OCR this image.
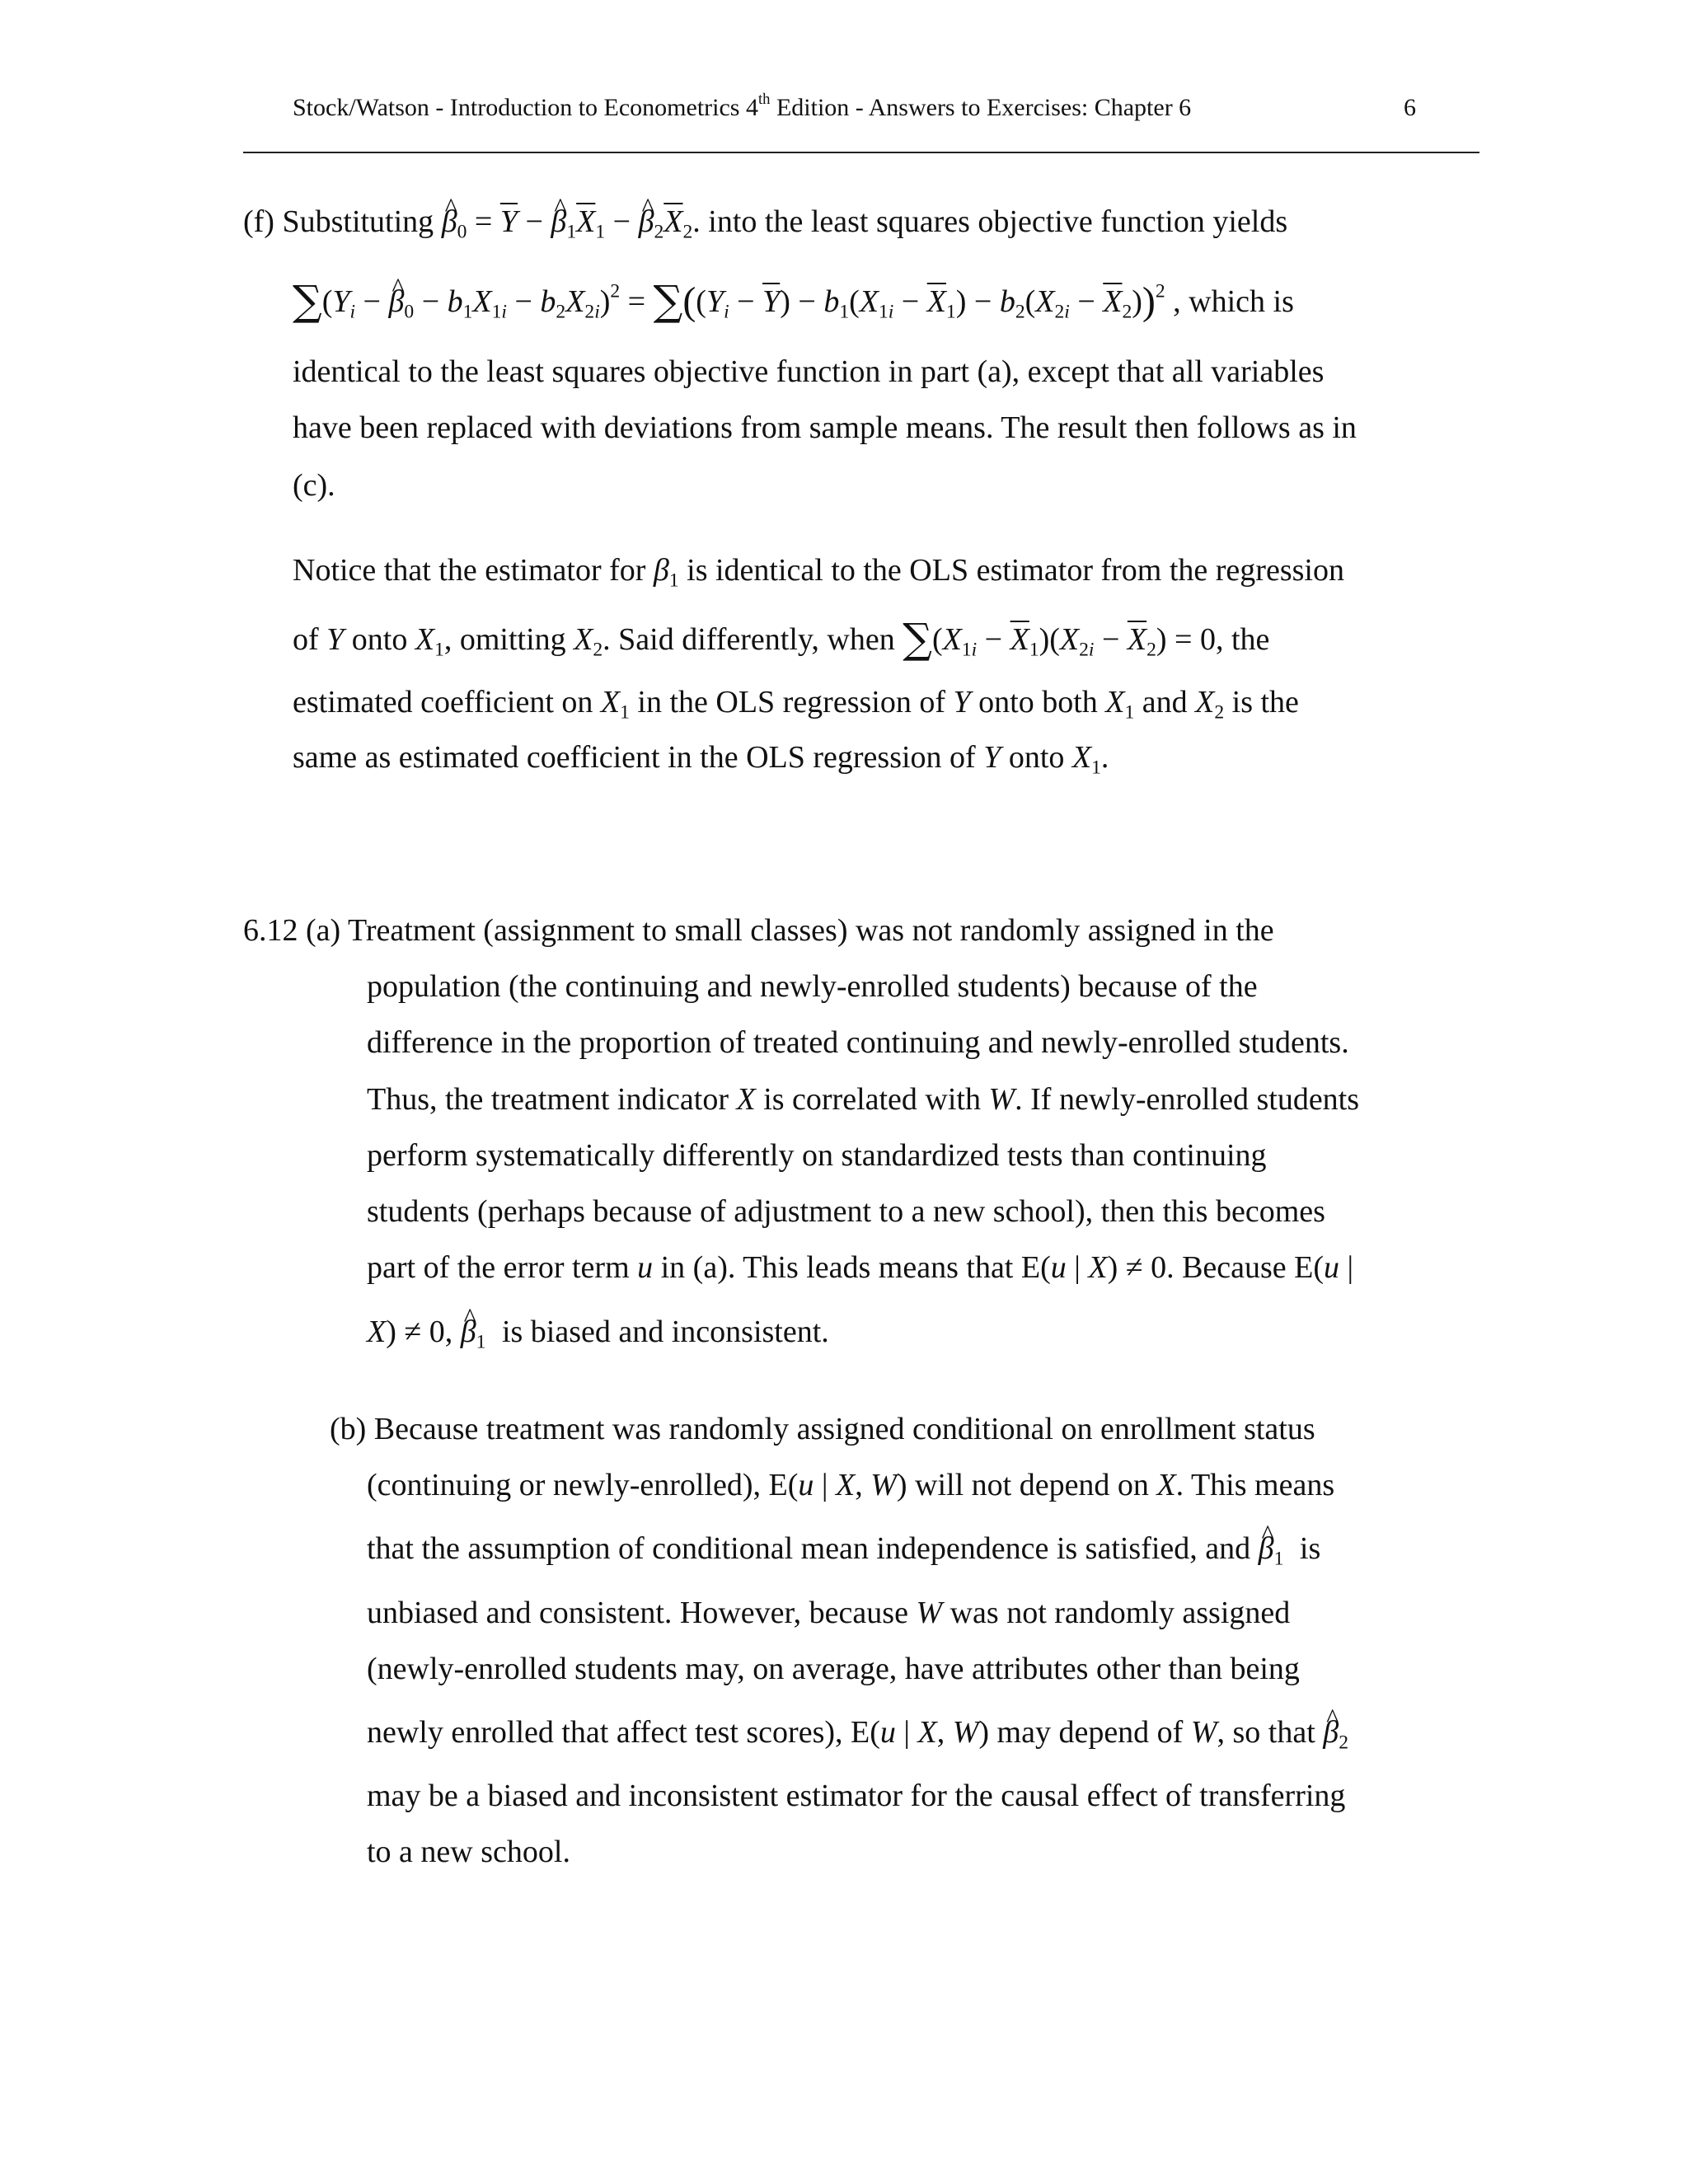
Stock/Watson - Introduction to Econometrics 4th Edition - Answers to Exercises: Chapter 6	6
(f) Substituting ^ $\beta_0 = \overline{Y}$ − ^ $\beta_1\overline{X}_1$ − ^ $\beta_2\overline{X}_2$. into the least squares objective function yields
$\sum(Y_i$ − ^ $\beta_0 - b_1X_{1i} - b_2X_{2i})^2 = \sum((Y_i - \overline{Y}) - b_1(X_{1i} - \overline{X}_1) - b_2(X_{2i} - \overline{X}_2))^2$ , which is
identical to the least squares objective function in part (a), except that all variables
have been replaced with deviations from sample means. The result then follows as in
(c).
Notice that the estimator for $\beta_1$ is identical to the OLS estimator from the regression
of Y onto $X_1$, omitting $X_2$. Said differently, when $\sum(X_{1i} - \overline{X}_1)(X_{2i} - \overline{X}_2) = 0$, the
estimated coefficient on $X_1$ in the OLS regression of Y onto both $X_1$ and $X_2$ is the
same as estimated coefficient in the OLS regression of Y onto $X_1$.
6.12 (a) Treatment (assignment to small classes) was not randomly assigned in the
population (the continuing and newly-enrolled students) because of the
difference in the proportion of treated continuing and newly-enrolled students.
Thus, the treatment indicator X is correlated with W. If newly-enrolled students
perform systematically differently on standardized tests than continuing
students (perhaps because of adjustment to a new school), then this becomes
part of the error term u in (a). This leads means that E(u | X) ≠ 0. Because E(u |
X) ≠ 0, ^ $\beta_1$ is biased and inconsistent.
(b) Because treatment was randomly assigned conditional on enrollment status
(continuing or newly-enrolled), E(u | X, W) will not depend on X. This means
that the assumption of conditional mean independence is satisfied, and ^ $\beta_1$ is
unbiased and consistent. However, because W was not randomly assigned
(newly-enrolled students may, on average, have attributes other than being
newly enrolled that affect test scores), E(u | X, W) may depend of W, so that ^ $\beta_2$
may be a biased and inconsistent estimator for the causal effect of transferring
to a new school.
